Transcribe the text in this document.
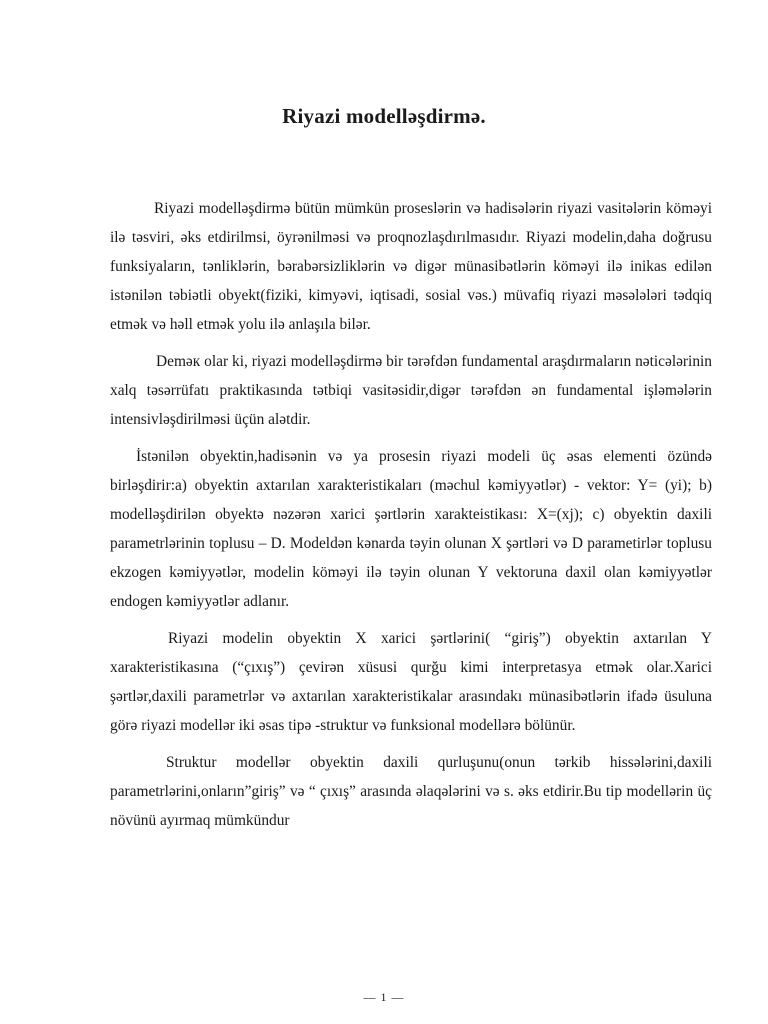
Riyazi modelləşdirmə.

Riyazi modelləşdirmə bütün mümkün proseslərin və hadisələrin riyazi vasitələrin köməyi ilə təsviri, əks etdirilmsi, öyrənilməsi və proqnozlaşdırılmasıdır. Riyazi modelin,daha doğrusu funksiyaların, tənliklərin, bərabərsizliklərin və digər münasibətlərin köməyi ilə inikas edilən istənilən təbiətli obyekt(fiziki, kimyəvi, iqtisadi, sosial vəs.) müvafiq riyazi məsələləri tədqiq etmək və həll etmək yolu ilə anlaşıla bilər.

Deməк olar ki, riyazi modelləşdirmə bir tərəfdən fundamental araşdırmaların nəticələrinin xalq təsərrüfatı praktikasında tətbiqi vasitəsidir,digər tərəfdən ən fundamental işləmələrin intensivləşdirilməsi üçün alətdir.

İstənilən obyektin,hadisənin və ya prosesin riyazi modeli üç əsas elementi özündə birləşdirir:a) obyektin axtarılan xarakteristikaları (məchul kəmiyyətlər) - vektor: Y= (yi); b) modelləşdirilən obyektə nəzərən xarici şərtlərin xarakteistikası: X=(xj); c) obyektin daxili parametrlərinin toplusu – D. Modeldən kənarda təyin olunan X şərtləri və D parametirlər toplusu ekzogen kəmiyyətlər, modelin köməyi ilə təyin olunan Y vektoruna daxil olan kəmiyyətlər endogen kəmiyyətlər adlanır.

Riyazi modelin obyektin X xarici şərtlərini( “giriş”) obyektin axtarılan Y xarakteristikasına (“çıxış”) çevirən xüsusi qurğu kimi interpretasya etmək olar.Xarici şərtlər,daxili parametrlər və axtarılan xarakteristikalar arasındakı münasibətlərin ifadə üsuluna görə riyazi modellər iki əsas tipə -struktur və funksional modellərə bölünür.

Struktur modellər obyektin daxili qurluşunu(onun tərkib hissələrini,daxili parametrlərini,onların”giriş” və “ çıxış” arasında əlaqələrini və s. əks etdirir.Bu tip modellərin üç növünü ayırmaq mümkündur

— 1 —
